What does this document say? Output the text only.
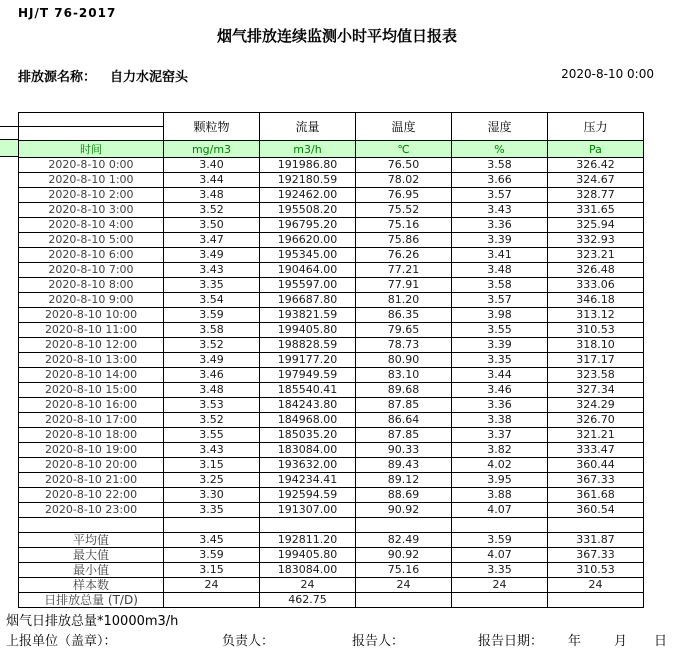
HJ/T 76-2017
烟气排放连续监测小时平均值日报表
排放源名称： 自力水泥窑头	2020-8-10 0:00
	颗粒物	流量	温度	湿度	压力

时间	mg/m3	m3/h	℃	%	Pa
2020-8-10 0:00	3.40	191986.80	76.50	3.58	326.42
2020-8-10 1:00	3.44	192180.59	78.02	3.66	324.67
2020-8-10 2:00	3.48	192462.00	76.95	3.57	328.77
2020-8-10 3:00	3.52	195508.20	75.52	3.43	331.65
2020-8-10 4:00	3.50	196795.20	75.16	3.36	325.94
2020-8-10 5:00	3.47	196620.00	75.86	3.39	332.93
2020-8-10 6:00	3.49	195345.00	76.26	3.41	323.21
2020-8-10 7:00	3.43	190464.00	77.21	3.48	326.48
2020-8-10 8:00	3.35	195597.00	77.91	3.58	333.06
2020-8-10 9:00	3.54	196687.80	81.20	3.57	346.18
2020-8-10 10:00	3.59	193821.59	86.35	3.98	313.12
2020-8-10 11:00	3.58	199405.80	79.65	3.55	310.53
2020-8-10 12:00	3.52	198828.59	78.73	3.39	318.10
2020-8-10 13:00	3.49	199177.20	80.90	3.35	317.17
2020-8-10 14:00	3.46	197949.59	83.10	3.44	323.58
2020-8-10 15:00	3.48	185540.41	89.68	3.46	327.34
2020-8-10 16:00	3.53	184243.80	87.85	3.36	324.29
2020-8-10 17:00	3.52	184968.00	86.64	3.38	326.70
2020-8-10 18:00	3.55	185035.20	87.85	3.37	321.21
2020-8-10 19:00	3.43	183084.00	90.33	3.82	333.47
2020-8-10 20:00	3.15	193632.00	89.43	4.02	360.44
2020-8-10 21:00	3.25	194234.41	89.12	3.95	367.33
2020-8-10 22:00	3.30	192594.59	88.69	3.88	361.68
2020-8-10 23:00	3.35	191307.00	90.92	4.07	360.54

平均值	3.45	192811.20	82.49	3.59	331.87
最大值	3.59	199405.80	90.92	4.07	367.33
最小值	3.15	183084.00	75.16	3.35	310.53
样本数	24	24	24	24	24
日排放总量 (T/D)		462.75			
烟气日排放总量*10000m3/h
上报单位（盖章）：	负责人：	报告人：	报告日期： 年	月 日
